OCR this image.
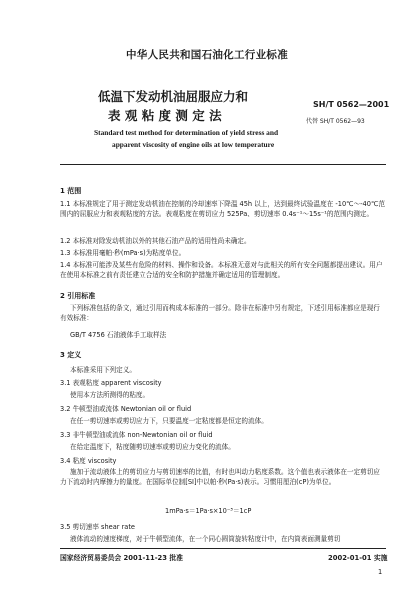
中华人民共和国石油化工行业标准
低温下发动机油屈服应力和
表 观 粘 度 测 定 法
SH/T 0562—2001
代替 SH/T 0562—93
Standard test method for determination of yield stress and
apparent viscosity of engine oils at low temperature
1 范围
1.1 本标准规定了用于测定发动机油在控制的冷却速率下降温 45h 以上，达到最终试验温度在 -10℃～-40℃范围内的屈服应力和表观粘度的方法。表观粘度在剪切应力 525Pa、剪切速率 0.4s⁻¹～15s⁻¹的范围内测定。
1.2 本标准对除发动机油以外的其他石油产品的适用性尚未确定。
1.3 本标准用毫帕·秒(mPa·s)为粘度单位。
1.4 本标准可能涉及某些有危险的材料、操作和设备。本标准无意对与此相关的所有安全问题都提出建议。用户在使用本标准之前有责任建立合适的安全和防护措施并确定适用的管理制度。
2 引用标准
下列标准包括的条文，通过引用而构成本标准的一部分。除非在标准中另有规定，下述引用标准都应是现行有效标准：
GB/T 4756 石油液体手工取样法
3 定义
本标准采用下列定义。
3.1 表观粘度 apparent viscosity
使用本方法所测得的粘度。
3.2 牛顿型油或流体 Newtonian oil or fluid
在任一剪切速率或剪切应力下，只要温度一定粘度都是恒定的流体。
3.3 非牛顿型油或流体 non-Newtonian oil or fluid
在给定温度下，粘度随剪切速率或剪切应力变化的流体。
3.4 粘度 viscosity
施加于流动液体上的剪切应力与剪切速率的比值，有时也叫动力粘度系数。这个值也表示液体在一定剪切应力下流动时内摩擦力的量度。在国际单位制[SI]中以帕·秒(Pa·s)表示。习惯用厘泊(cP)为单位。
1mPa·s＝1Pa·s×10⁻³＝1cP
3.5 剪切速率 shear rate
液体流动的速度梯度，对于牛顿型流体，在一个同心圆筒旋转粘度计中，在内筒表面测量剪切
国家经济贸易委员会 2001-11-23 批准	2002-01-01 实施
1
